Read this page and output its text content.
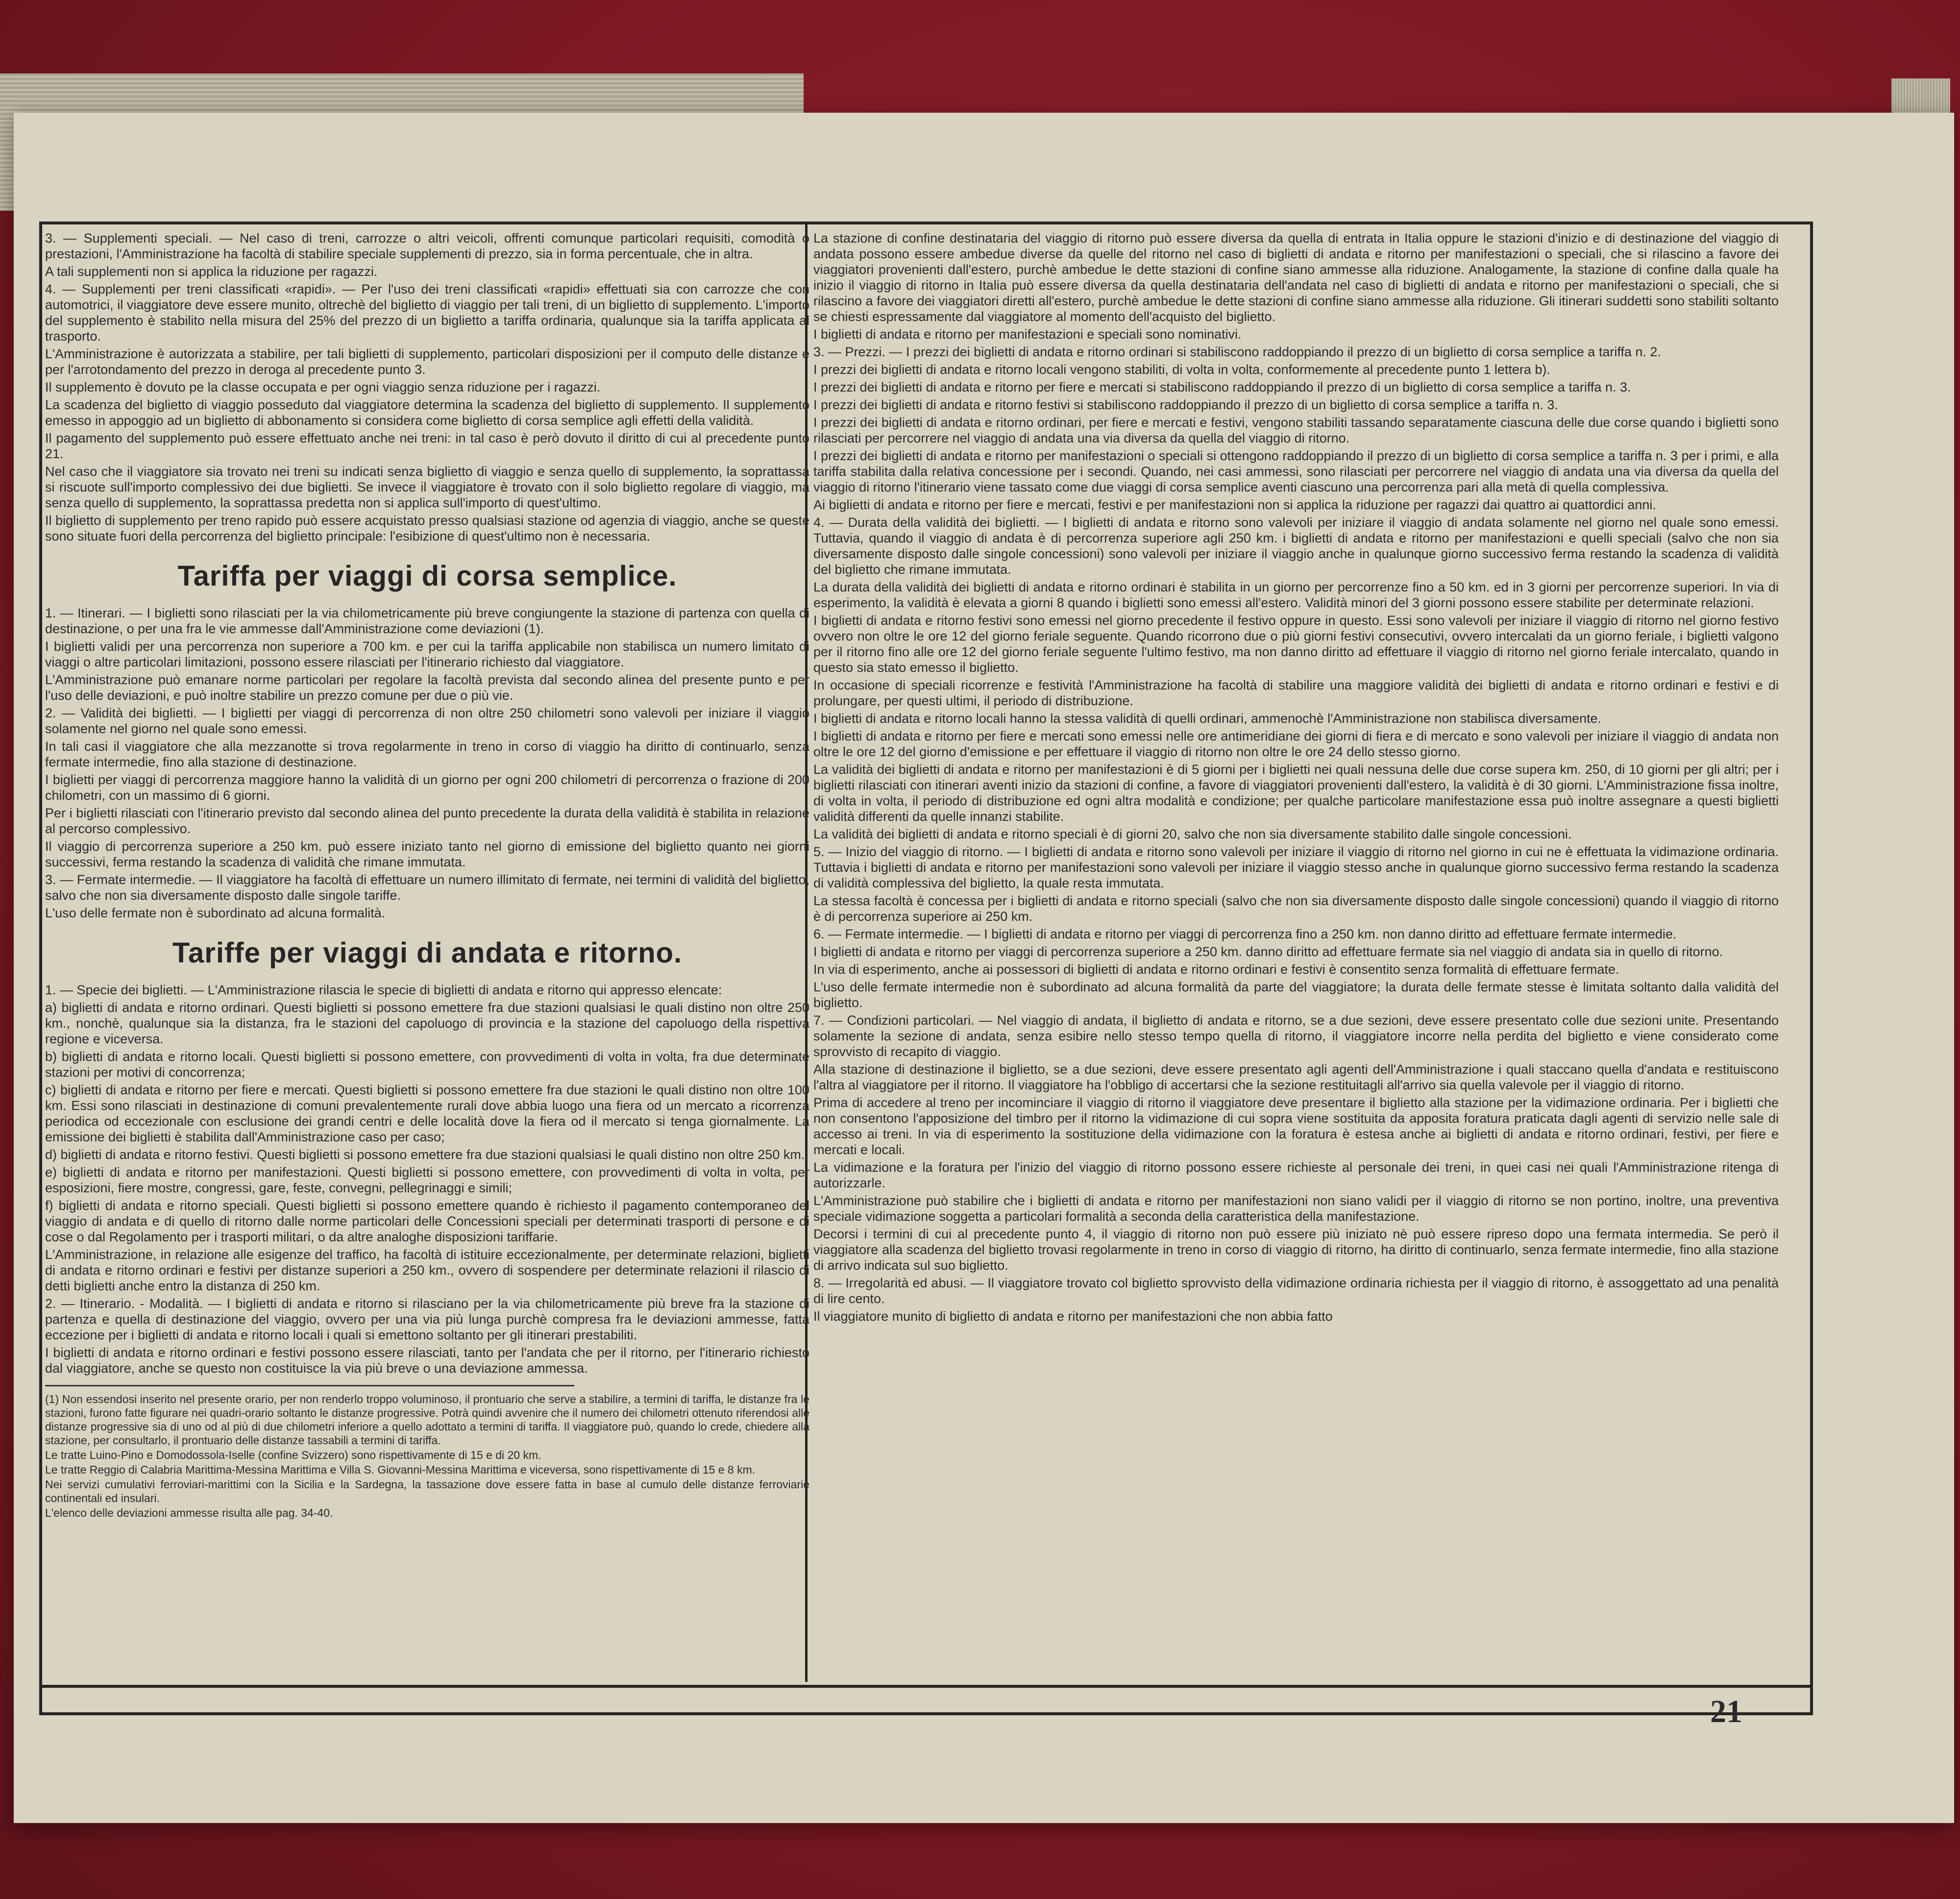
3. — Supplementi speciali. — Nel caso di treni, carrozze o altri veicoli, offrenti comunque particolari requisiti, comodità o prestazioni, l'Amministrazione ha facoltà di stabilire speciale supplementi di prezzo, sia in forma percentuale, che in altra.

A tali supplementi non si applica la riduzione per ragazzi.

4. — Supplementi per treni classificati «rapidi». — Per l'uso dei treni classificati «rapidi» effettuati sia con carrozze che con automotrici, il viaggiatore deve essere munito, oltrechè del biglietto di viaggio per tali treni, di un biglietto di supplemento. L'importo del supplemento è stabilito nella misura del 25% del prezzo di un biglietto a tariffa ordinaria, qualunque sia la tariffa applicata al trasporto.

L'Amministrazione è autorizzata a stabilire, per tali biglietti di supplemento, particolari disposizioni per il computo delle distanze e per l'arrotondamento del prezzo in deroga al precedente punto 3.

Il supplemento è dovuto pe la classe occupata e per ogni viaggio senza riduzione per i ragazzi.

La scadenza del biglietto di viaggio posseduto dal viaggiatore determina la scadenza del biglietto di supplemento. Il supplemento emesso in appoggio ad un biglietto di abbonamento si considera come biglietto di corsa semplice agli effetti della validità.

Il pagamento del supplemento può essere effettuato anche nei treni: in tal caso è però dovuto il diritto di cui al precedente punto 21.

Nel caso che il viaggiatore sia trovato nei treni su indicati senza biglietto di viaggio e senza quello di supplemento, la soprattassa si riscuote sull'importo complessivo dei due biglietti. Se invece il viaggiatore è trovato con il solo biglietto regolare di viaggio, ma senza quello di supplemento, la soprattassa predetta non si applica sull'importo di quest'ultimo.

Il biglietto di supplemento per treno rapido può essere acquistato presso qualsiasi stazione od agenzia di viaggio, anche se queste sono situate fuori della percorrenza del biglietto principale: l'esibizione di quest'ultimo non è necessaria.

Tariffa per viaggi di corsa semplice.

1. — Itinerari. — I biglietti sono rilasciati per la via chilometricamente più breve congiungente la stazione di partenza con quella di destinazione, o per una fra le vie ammesse dall'Amministrazione come deviazioni (1).

I biglietti validi per una percorrenza non superiore a 700 km. e per cui la tariffa applicabile non stabilisca un numero limitato di viaggi o altre particolari limitazioni, possono essere rilasciati per l'itinerario richiesto dal viaggiatore.

L'Amministrazione può emanare norme particolari per regolare la facoltà prevista dal secondo alinea del presente punto e per l'uso delle deviazioni, e può inoltre stabilire un prezzo comune per due o più vie.

2. — Validità dei biglietti. — I biglietti per viaggi di percorrenza di non oltre 250 chilometri sono valevoli per iniziare il viaggio solamente nel giorno nel quale sono emessi.

In tali casi il viaggiatore che alla mezzanotte si trova regolarmente in treno in corso di viaggio ha diritto di continuarlo, senza fermate intermedie, fino alla stazione di destinazione.

I biglietti per viaggi di percorrenza maggiore hanno la validità di un giorno per ogni 200 chilometri di percorrenza o frazione di 200 chilometri, con un massimo di 6 giorni.

Per i biglietti rilasciati con l'itinerario previsto dal secondo alinea del punto precedente la durata della validità è stabilita in relazione al percorso complessivo.

Il viaggio di percorrenza superiore a 250 km. può essere iniziato tanto nel giorno di emissione del biglietto quanto nei giorni successivi, ferma restando la scadenza di validità che rimane immutata.

3. — Fermate intermedie. — Il viaggiatore ha facoltà di effettuare un numero illimitato di fermate, nei termini di validità del biglietto, salvo che non sia diversamente disposto dalle singole tariffe.

L'uso delle fermate non è subordinato ad alcuna formalità.

Tariffe per viaggi di andata e ritorno.

1. — Specie dei biglietti. — L'Amministrazione rilascia le specie di biglietti di andata e ritorno qui appresso elencate:

a) biglietti di andata e ritorno ordinari. Questi biglietti si possono emettere fra due stazioni qualsiasi le quali distino non oltre 250 km., nonchè, qualunque sia la distanza, fra le stazioni del capoluogo di provincia e la stazione del capoluogo della rispettiva regione e viceversa.

b) biglietti di andata e ritorno locali. Questi biglietti si possono emettere, con provvedimenti di volta in volta, fra due determinate stazioni per motivi di concorrenza;

c) biglietti di andata e ritorno per fiere e mercati. Questi biglietti si possono emettere fra due stazioni le quali distino non oltre 100 km. Essi sono rilasciati in destinazione di comuni prevalentemente rurali dove abbia luogo una fiera od un mercato a ricorrenza periodica od eccezionale con esclusione dei grandi centri e delle località dove la fiera od il mercato si tenga giornalmente. La emissione dei biglietti è stabilita dall'Amministrazione caso per caso;

d) biglietti di andata e ritorno festivi. Questi biglietti si possono emettere fra due stazioni qualsiasi le quali distino non oltre 250 km.;

e) biglietti di andata e ritorno per manifestazioni. Questi biglietti si possono emettere, con provvedimenti di volta in volta, per esposizioni, fiere mostre, congressi, gare, feste, convegni, pellegrinaggi e simili;

f) biglietti di andata e ritorno speciali. Questi biglietti si possono emettere quando è richiesto il pagamento contemporaneo del viaggio di andata e di quello di ritorno dalle norme particolari delle Concessioni speciali per determinati trasporti di persone e di cose o dal Regolamento per i trasporti militari, o da altre analoghe disposizioni tariffarie.

L'Amministrazione, in relazione alle esigenze del traffico, ha facoltà di istituire eccezionalmente, per determinate relazioni, biglietti di andata e ritorno ordinari e festivi per distanze superiori a 250 km., ovvero di sospendere per determinate relazioni il rilascio di detti biglietti anche entro la distanza di 250 km.

2. — Itinerario. - Modalità. — I biglietti di andata e ritorno si rilasciano per la via chilometricamente più breve fra la stazione di partenza e quella di destinazione del viaggio, ovvero per una via più lunga purchè compresa fra le deviazioni ammesse, fatta eccezione per i biglietti di andata e ritorno locali i quali si emettono soltanto per gli itinerari prestabiliti.

I biglietti di andata e ritorno ordinari e festivi possono essere rilasciati, tanto per l'andata che per il ritorno, per l'itinerario richiesto dal viaggiatore, anche se questo non costituisce la via più breve o una deviazione ammessa.

(1) Non essendosi inserito nel presente orario, per non renderlo troppo voluminoso, il prontuario che serve a stabilire, a termini di tariffa, le distanze fra le stazioni, furono fatte figurare nei quadri-orario soltanto le distanze progressive. Potrà quindi avvenire che il numero dei chilometri ottenuto riferendosi alle distanze progressive sia di uno od al più di due chilometri inferiore a quello adottato a termini di tariffa. Il viaggiatore può, quando lo crede, chiedere alla stazione, per consultarlo, il prontuario delle distanze tassabili a termini di tariffa.

Le tratte Luino-Pino e Domodossola-Iselle (confine Svizzero) sono rispettivamente di 15 e di 20 km.

Le tratte Reggio di Calabria Marittima-Messina Marittima e Villa S. Giovanni-Messina Marittima e viceversa, sono rispettivamente di 15 e 8 km.

Nei servizi cumulativi ferroviari-marittimi con la Sicilia e la Sardegna, la tassazione dove essere fatta in base al cumulo delle distanze ferroviarie continentali ed insulari.

L'elenco delle deviazioni ammesse risulta alle pag. 34-40.

La stazione di confine destinataria del viaggio di ritorno può essere diversa da quella di entrata in Italia oppure le stazioni d'inizio e di destinazione del viaggio di andata possono essere ambedue diverse da quelle del ritorno nel caso di biglietti di andata e ritorno per manifestazioni o speciali, che si rilascino a favore dei viaggiatori provenienti dall'estero, purchè ambedue le dette stazioni di confine siano ammesse alla riduzione. Analogamente, la stazione di confine dalla quale ha inizio il viaggio di ritorno in Italia può essere diversa da quella destinataria dell'andata nel caso di biglietti di andata e ritorno per manifestazioni o speciali, che si rilascino a favore dei viaggiatori diretti all'estero, purchè ambedue le dette stazioni di confine siano ammesse alla riduzione. Gli itinerari suddetti sono stabiliti soltanto se chiesti espressamente dal viaggiatore al momento dell'acquisto del biglietto.

I biglietti di andata e ritorno per manifestazioni e speciali sono nominativi.

3. — Prezzi. — I prezzi dei biglietti di andata e ritorno ordinari si stabiliscono raddoppiando il prezzo di un biglietto di corsa semplice a tariffa n. 2.

I prezzi dei biglietti di andata e ritorno locali vengono stabiliti, di volta in volta, conformemente al precedente punto 1 lettera b).

I prezzi dei biglietti di andata e ritorno per fiere e mercati si stabiliscono raddoppiando il prezzo di un biglietto di corsa semplice a tariffa n. 3.

I prezzi dei biglietti di andata e ritorno festivi si stabiliscono raddoppiando il prezzo di un biglietto di corsa semplice a tariffa n. 3.

I prezzi dei biglietti di andata e ritorno ordinari, per fiere e mercati e festivi, vengono stabiliti tassando separatamente ciascuna delle due corse quando i biglietti sono rilasciati per percorrere nel viaggio di andata una via diversa da quella del viaggio di ritorno.

I prezzi dei biglietti di andata e ritorno per manifestazioni o speciali si ottengono raddoppiando il prezzo di un biglietto di corsa semplice a tariffa n. 3 per i primi, e alla tariffa stabilita dalla relativa concessione per i secondi. Quando, nei casi ammessi, sono rilasciati per percorrere nel viaggio di andata una via diversa da quella del viaggio di ritorno l'itinerario viene tassato come due viaggi di corsa semplice aventi ciascuno una percorrenza pari alla metà di quella complessiva.

Ai biglietti di andata e ritorno per fiere e mercati, festivi e per manifestazioni non si applica la riduzione per ragazzi dai quattro ai quattordici anni.

4. — Durata della validità dei biglietti. — I biglietti di andata e ritorno sono valevoli per iniziare il viaggio di andata solamente nel giorno nel quale sono emessi. Tuttavia, quando il viaggio di andata è di percorrenza superiore agli 250 km. i biglietti di andata e ritorno per manifestazioni e quelli speciali (salvo che non sia diversamente disposto dalle singole concessioni) sono valevoli per iniziare il viaggio anche in qualunque giorno successivo ferma restando la scadenza di validità del biglietto che rimane immutata.

La durata della validità dei biglietti di andata e ritorno ordinari è stabilita in un giorno per percorrenze fino a 50 km. ed in 3 giorni per percorrenze superiori. In via di esperimento, la validità è elevata a giorni 8 quando i biglietti sono emessi all'estero. Validità minori del 3 giorni possono essere stabilite per determinate relazioni.

I biglietti di andata e ritorno festivi sono emessi nel giorno precedente il festivo oppure in questo. Essi sono valevoli per iniziare il viaggio di ritorno nel giorno festivo ovvero non oltre le ore 12 del giorno feriale seguente. Quando ricorrono due o più giorni festivi consecutivi, ovvero intercalati da un giorno feriale, i biglietti valgono per il ritorno fino alle ore 12 del giorno feriale seguente l'ultimo festivo, ma non danno diritto ad effettuare il viaggio di ritorno nel giorno feriale intercalato, quando in questo sia stato emesso il biglietto.

In occasione di speciali ricorrenze e festività l'Amministrazione ha facoltà di stabilire una maggiore validità dei biglietti di andata e ritorno ordinari e festivi e di prolungare, per questi ultimi, il periodo di distribuzione.

I biglietti di andata e ritorno locali hanno la stessa validità di quelli ordinari, ammenochè l'Amministrazione non stabilisca diversamente.

I biglietti di andata e ritorno per fiere e mercati sono emessi nelle ore antimeridiane dei giorni di fiera e di mercato e sono valevoli per iniziare il viaggio di andata non oltre le ore 12 del giorno d'emissione e per effettuare il viaggio di ritorno non oltre le ore 24 dello stesso giorno.

La validità dei biglietti di andata e ritorno per manifestazioni è di 5 giorni per i biglietti nei quali nessuna delle due corse supera km. 250, di 10 giorni per gli altri; per i biglietti rilasciati con itinerari aventi inizio da stazioni di confine, a favore di viaggiatori provenienti dall'estero, la validità è di 30 giorni. L'Amministrazione fissa inoltre, di volta in volta, il periodo di distribuzione ed ogni altra modalità e condizione; per qualche particolare manifestazione essa può inoltre assegnare a questi biglietti validità differenti da quelle innanzi stabilite.

La validità dei biglietti di andata e ritorno speciali è di giorni 20, salvo che non sia diversamente stabilito dalle singole concessioni.

5. — Inizio del viaggio di ritorno. — I biglietti di andata e ritorno sono valevoli per iniziare il viaggio di ritorno nel giorno in cui ne è effettuata la vidimazione ordinaria. Tuttavia i biglietti di andata e ritorno per manifestazioni sono valevoli per iniziare il viaggio stesso anche in qualunque giorno successivo ferma restando la scadenza di validità complessiva del biglietto, la quale resta immutata.

La stessa facoltà è concessa per i biglietti di andata e ritorno speciali (salvo che non sia diversamente disposto dalle singole concessioni) quando il viaggio di ritorno è di percorrenza superiore ai 250 km.

6. — Fermate intermedie. — I biglietti di andata e ritorno per viaggi di percorrenza fino a 250 km. non danno diritto ad effettuare fermate intermedie.

I biglietti di andata e ritorno per viaggi di percorrenza superiore a 250 km. danno diritto ad effettuare fermate sia nel viaggio di andata sia in quello di ritorno.

In via di esperimento, anche ai possessori di biglietti di andata e ritorno ordinari e festivi è consentito senza formalità di effettuare fermate.

L'uso delle fermate intermedie non è subordinato ad alcuna formalità da parte del viaggiatore; la durata delle fermate stesse è limitata soltanto dalla validità del biglietto.

7. — Condizioni particolari. — Nel viaggio di andata, il biglietto di andata e ritorno, se a due sezioni, deve essere presentato colle due sezioni unite. Presentando solamente la sezione di andata, senza esibire nello stesso tempo quella di ritorno, il viaggiatore incorre nella perdita del biglietto e viene considerato come sprovvisto di recapito di viaggio.

Alla stazione di destinazione il biglietto, se a due sezioni, deve essere presentato agli agenti dell'Amministrazione i quali staccano quella d'andata e restituiscono l'altra al viaggiatore per il ritorno. Il viaggiatore ha l'obbligo di accertarsi che la sezione restituitagli all'arrivo sia quella valevole per il viaggio di ritorno.

Prima di accedere al treno per incominciare il viaggio di ritorno il viaggiatore deve presentare il biglietto alla stazione per la vidimazione ordinaria. Per i biglietti che non consentono l'apposizione del timbro per il ritorno la vidimazione di cui sopra viene sostituita da apposita foratura praticata dagli agenti di servizio nelle sale di accesso ai treni. In via di esperimento la sostituzione della vidimazione con la foratura è estesa anche ai biglietti di andata e ritorno ordinari, festivi, per fiere e mercati e locali.

La vidimazione e la foratura per l'inizio del viaggio di ritorno possono essere richieste al personale dei treni, in quei casi nei quali l'Amministrazione ritenga di autorizzarle.

L'Amministrazione può stabilire che i biglietti di andata e ritorno per manifestazioni non siano validi per il viaggio di ritorno se non portino, inoltre, una preventiva speciale vidimazione soggetta a particolari formalità a seconda della caratteristica della manifestazione.

Decorsi i termini di cui al precedente punto 4, il viaggio di ritorno non può essere più iniziato nè può essere ripreso dopo una fermata intermedia. Se però il viaggiatore alla scadenza del biglietto trovasi regolarmente in treno in corso di viaggio di ritorno, ha diritto di continuarlo, senza fermate intermedie, fino alla stazione di arrivo indicata sul suo biglietto.

8. — Irregolarità ed abusi. — Il viaggiatore trovato col biglietto sprovvisto della vidimazione ordinaria richiesta per il viaggio di ritorno, è assoggettato ad una penalità di lire cento.

Il viaggiatore munito di biglietto di andata e ritorno per manifestazioni che non abbia fatto

21
